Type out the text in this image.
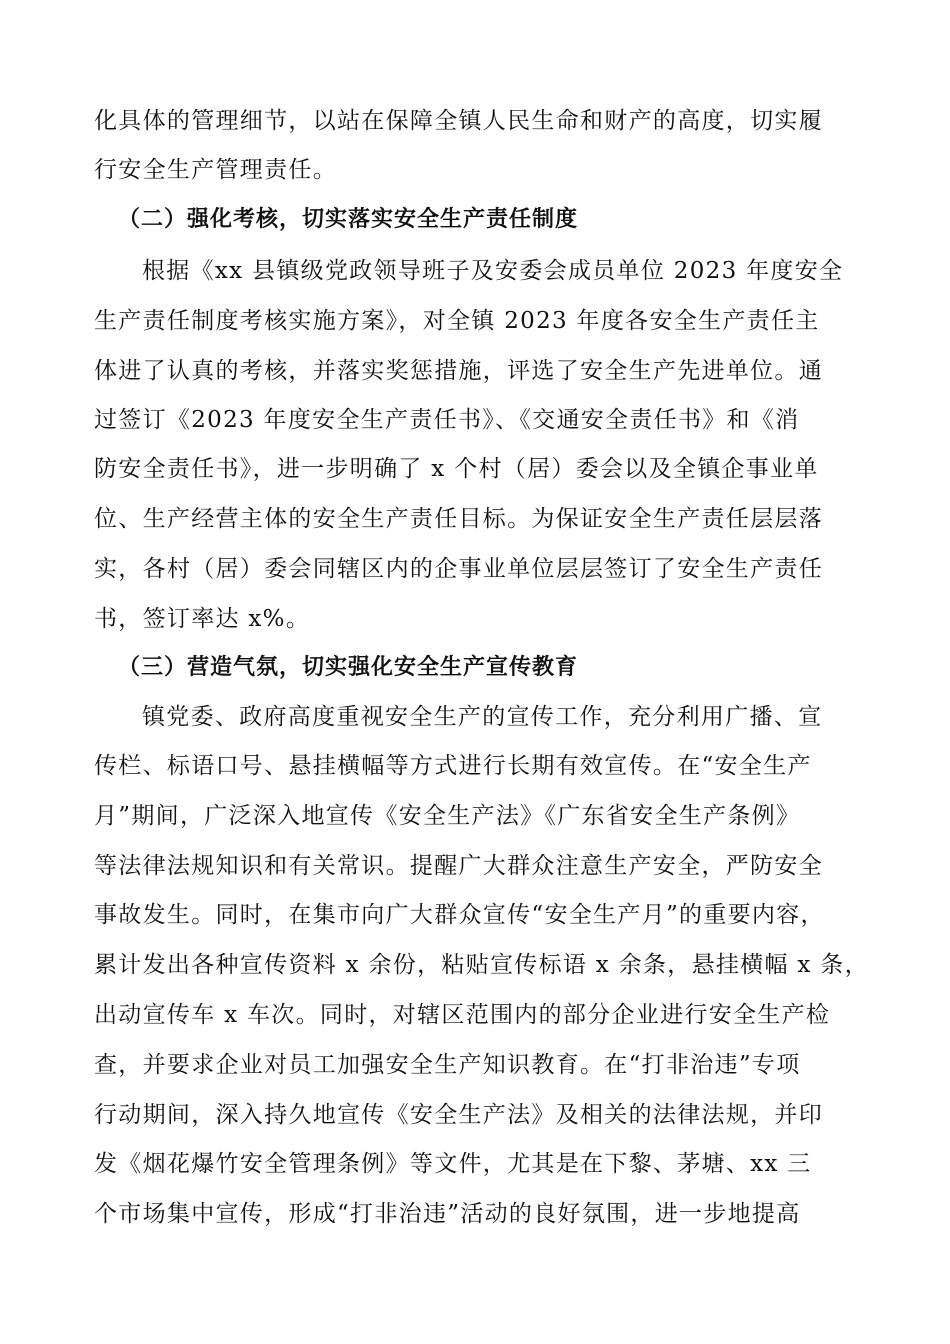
化具体的管理细节，以站在保障全镇人民生命和财产的高度，切实履
行安全生产管理责任。
（二）强化考核，切实落实安全生产责任制度
根据《xx 县镇级党政领导班子及安委会成员单位 2023 年度安全
生产责任制度考核实施方案》，对全镇 2023 年度各安全生产责任主
体进了认真的考核，并落实奖惩措施，评选了安全生产先进单位。通
过签订《2023 年度安全生产责任书》、《交通安全责任书》和《消
防安全责任书》，进一步明确了 x 个村（居）委会以及全镇企事业单
位、生产经营主体的安全生产责任目标。为保证安全生产责任层层落
实，各村（居）委会同辖区内的企事业单位层层签订了安全生产责任
书，签订率达 x%。
（三）营造气氛，切实强化安全生产宣传教育
镇党委、政府高度重视安全生产的宣传工作，充分利用广播、宣
传栏、标语口号、悬挂横幅等方式进行长期有效宣传。在“安全生产
月”期间，广泛深入地宣传《安全生产法》《广东省安全生产条例》
等法律法规知识和有关常识。提醒广大群众注意生产安全，严防安全
事故发生。同时，在集市向广大群众宣传“安全生产月”的重要内容，
累计发出各种宣传资料 x 余份，粘贴宣传标语 x 余条，悬挂横幅 x 条，
出动宣传车 x 车次。同时，对辖区范围内的部分企业进行安全生产检
查，并要求企业对员工加强安全生产知识教育。在“打非治违”专项
行动期间，深入持久地宣传《安全生产法》及相关的法律法规，并印
发《烟花爆竹安全管理条例》等文件，尤其是在下黎、茅塘、xx 三
个市场集中宣传，形成“打非治违”活动的良好氛围，进一步地提高
